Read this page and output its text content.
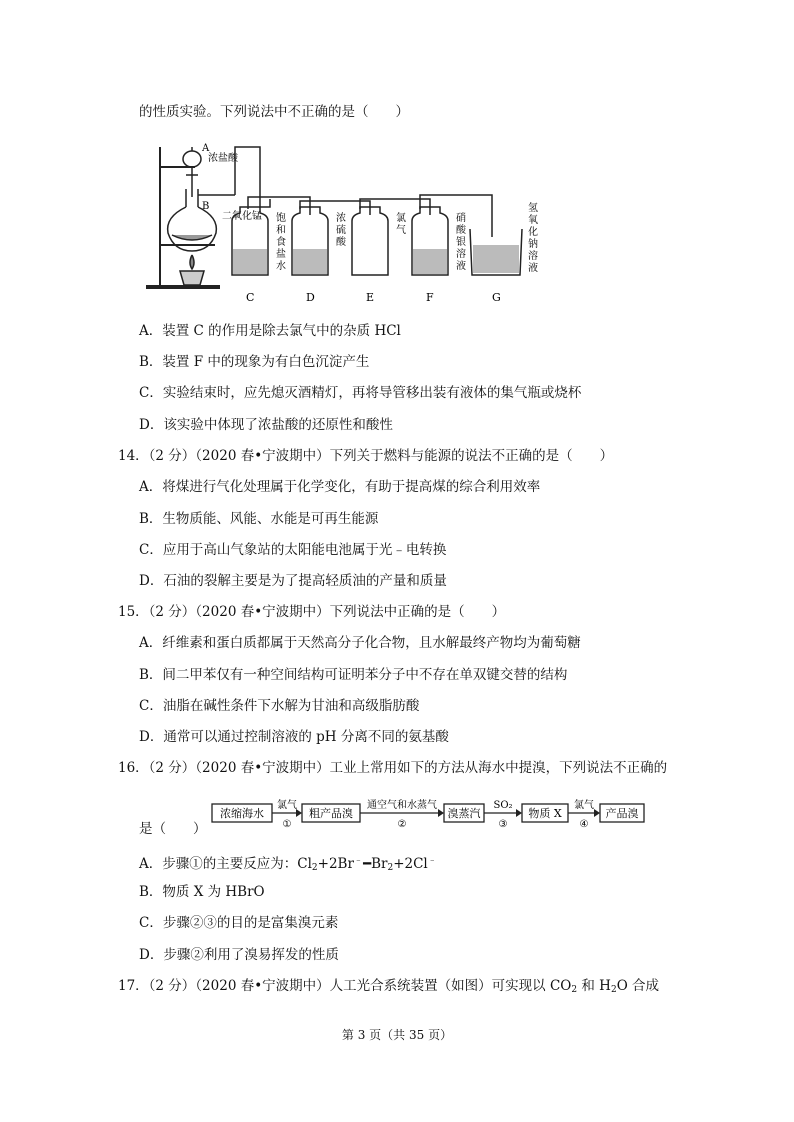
的性质实验。下列说法中不正确的是（　　）
A
浓盐酸
B
二氧化锰 饱和食盐水
C
浓硫酸
D
氯气
E
硝酸银溶液
F
氢氧化钠溶液
G
A．装置 C 的作用是除去氯气中的杂质 HCl
B．装置 F 中的现象为有白色沉淀产生
C．实验结束时，应先熄灭酒精灯，再将导管移出装有液体的集气瓶或烧杯
D．该实验中体现了浓盐酸的还原性和酸性
14．（2 分）（2020 春•宁波期中）下列关于燃料与能源的说法不正确的是（　　）
A．将煤进行气化处理属于化学变化，有助于提高煤的综合利用效率
B．生物质能、风能、水能是可再生能源
C．应用于高山气象站的太阳能电池属于光﹣电转换
D．石油的裂解主要是为了提高轻质油的产量和质量
15．（2 分）（2020 春•宁波期中）下列说法中正确的是（　　）
A．纤维素和蛋白质都属于天然高分子化合物，且水解最终产物均为葡萄糖
B．间二甲苯仅有一种空间结构可证明苯分子中不存在单双键交替的结构
C．油脂在碱性条件下水解为甘油和高级脂肪酸
D．通常可以通过控制溶液的 pH 分离不同的氨基酸
16．（2 分）（2020 春•宁波期中）工业上常用如下的方法从海水中提溴，下列说法不正确的
浓缩海水
氯气
①
粗产品溴
通空气和水蒸气
②
溴蒸汽
SO₂
③
物质 X
氯气
④
产品溴
是（　　）
A．步骤①的主要反应为：$Cl_2+2Br^﹣━Br_2+2Cl^﹣$
B．物质 X 为 HBrO
C．步骤②③的目的是富集溴元素
D．步骤②利用了溴易挥发的性质
17．（2 分）（2020 春•宁波期中）人工光合系统装置（如图）可实现以 $CO_2$ 和 $H_2O$ 合成
第 3 页（共 35 页）
